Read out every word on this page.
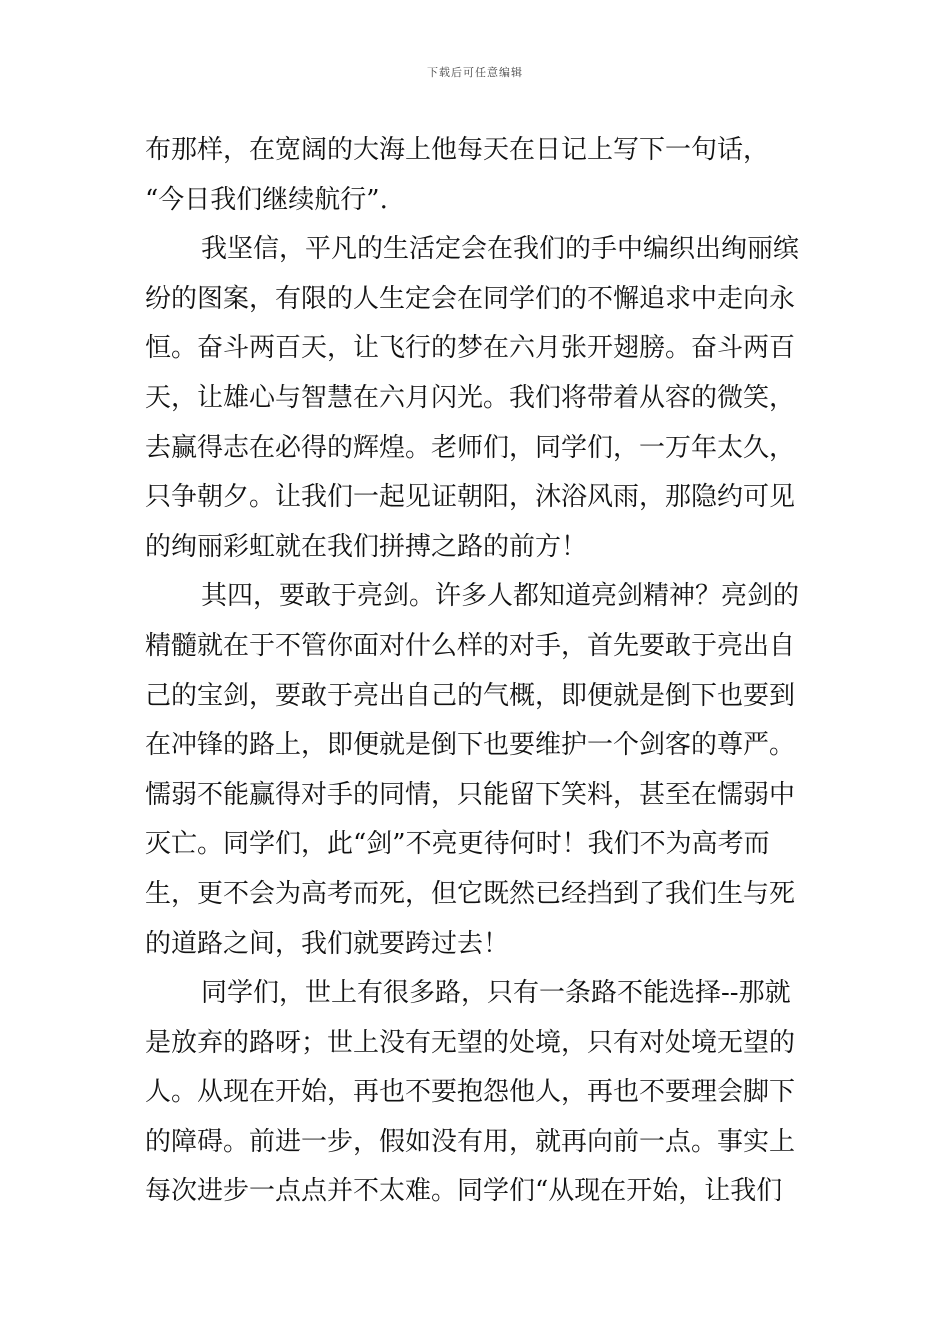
下载后可任意编辑
布那样，在宽阔的大海上他每天在日记上写下一句话，
“今日我们继续航行”.
我坚信，平凡的生活定会在我们的手中编织出绚丽缤
纷的图案，有限的人生定会在同学们的不懈追求中走向永
恒。奋斗两百天，让飞行的梦在六月张开翅膀。奋斗两百
天，让雄心与智慧在六月闪光。我们将带着从容的微笑，
去赢得志在必得的辉煌。老师们，同学们，一万年太久，
只争朝夕。让我们一起见证朝阳，沐浴风雨，那隐约可见
的绚丽彩虹就在我们拼搏之路的前方！
其四，要敢于亮剑。许多人都知道亮剑精神？亮剑的
精髓就在于不管你面对什么样的对手，首先要敢于亮出自
己的宝剑，要敢于亮出自己的气概，即便就是倒下也要到
在冲锋的路上，即便就是倒下也要维护一个剑客的尊严。
懦弱不能赢得对手的同情，只能留下笑料，甚至在懦弱中
灭亡。同学们，此“剑”不亮更待何时！我们不为高考而
生，更不会为高考而死，但它既然已经挡到了我们生与死
的道路之间，我们就要跨过去！
同学们，世上有很多路，只有一条路不能选择--那就
是放弃的路呀；世上没有无望的处境，只有对处境无望的
人。从现在开始，再也不要抱怨他人，再也不要理会脚下
的障碍。前进一步，假如没有用，就再向前一点。事实上
每次进步一点点并不太难。同学们“从现在开始，让我们
